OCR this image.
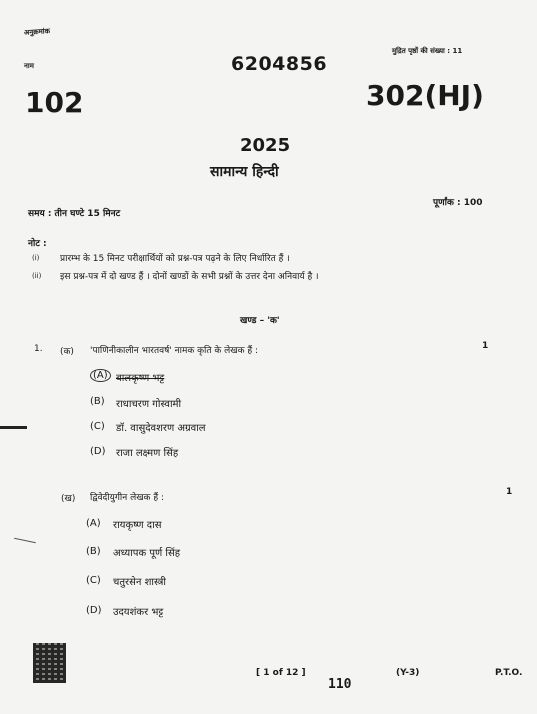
अनुक्रमांक
नाम	6204856
मुद्रित पृष्ठों की संख्या : 11
102	302(HJ)
2025
सामान्य हिन्दी
समय : तीन घण्टे 15 मिनट
पूर्णांक : 100
नोट :
(i) प्रारम्भ के 15 मिनट परीक्षार्थियों को प्रश्न-पत्र पढ़ने के लिए निर्धारित हैं ।
(ii) इस प्रश्न-पत्र में दो खण्ड हैं । दोनों खण्डों के सभी प्रश्नों के उत्तर देना अनिवार्य है ।
खण्ड – 'क'
1. (क) 'पाणिनीकालीन भारतवर्ष' नामक कृति के लेखक हैं :	1
(A) बालकृष्ण भट्ट
(B) राधाचरण गोस्वामी
(C) डॉ. वासुदेवशरण अग्रवाल
(D) राजा लक्ष्मण सिंह
(ख) द्विवेदीयुगीन लेखक हैं :
1
(A) रायकृष्ण दास
(B) अध्यापक पूर्ण सिंह
(C) चतुरसेन शास्त्री
(D) उदयशंकर भट्ट
[ 1 of 12 ]
110
(Y-3)	P.T.O.
